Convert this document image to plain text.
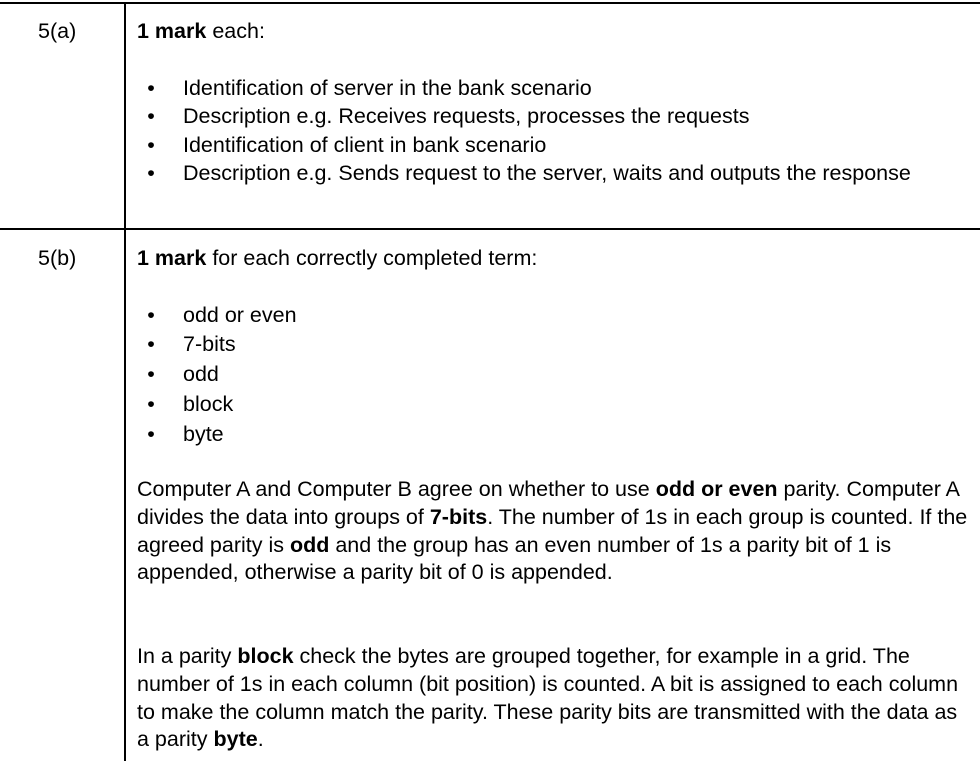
5(a)	1 mark each:
• Identification of server in the bank scenario
• Description e.g. Receives requests, processes the requests
• Identification of client in bank scenario
• Description e.g. Sends request to the server, waits and outputs the response
5(b)	1 mark for each correctly completed term:
• odd or even
• 7-bits
• odd
• block
• byte

Computer A and Computer B agree on whether to use odd or even parity. Computer A divides the data into groups of 7-bits. The number of 1s in each group is counted. If the agreed parity is odd and the group has an even number of 1s a parity bit of 1 is appended, otherwise a parity bit of 0 is appended.

In a parity block check the bytes are grouped together, for example in a grid. The number of 1s in each column (bit position) is counted. A bit is assigned to each column to make the column match the parity. These parity bits are transmitted with the data as a parity byte.
